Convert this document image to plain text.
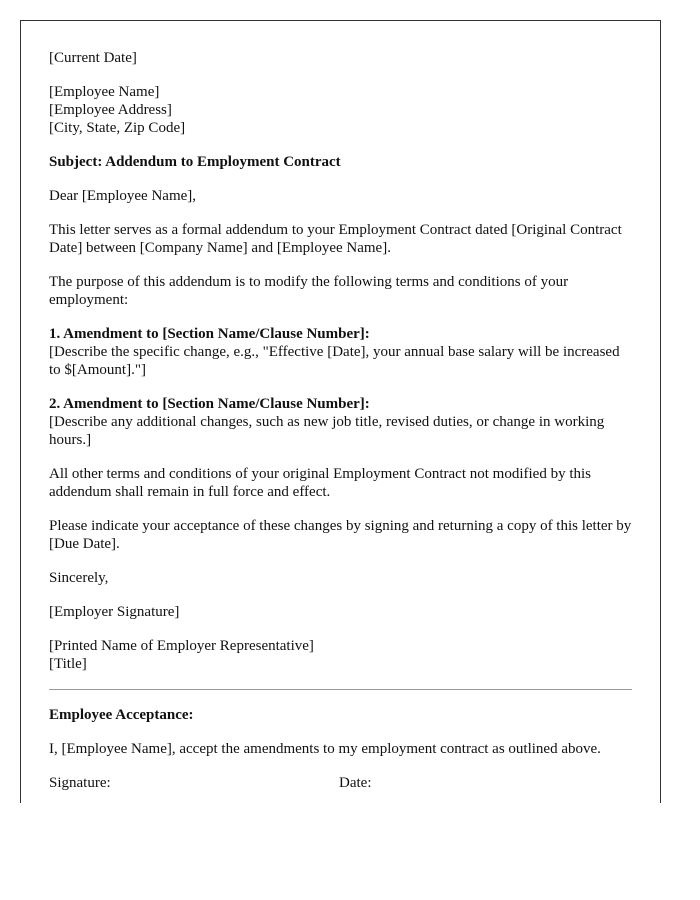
[Current Date]

[Employee Name]
[Employee Address]
[City, State, Zip Code]

Subject: Addendum to Employment Contract

Dear [Employee Name],

This letter serves as a formal addendum to your Employment Contract dated [Original Contract Date] between [Company Name] and [Employee Name].

The purpose of this addendum is to modify the following terms and conditions of your employment:

1. Amendment to [Section Name/Clause Number]:
[Describe the specific change, e.g., "Effective [Date], your annual base salary will be increased to $[Amount]."]

2. Amendment to [Section Name/Clause Number]:
[Describe any additional changes, such as new job title, revised duties, or change in working hours.]

All other terms and conditions of your original Employment Contract not modified by this addendum shall remain in full force and effect.

Please indicate your acceptance of these changes by signing and returning a copy of this letter by [Due Date].

Sincerely,

[Employer Signature]

[Printed Name of Employer Representative]
[Title]

Employee Acceptance:

I, [Employee Name], accept the amendments to my employment contract as outlined above.

Signature:	Date:
